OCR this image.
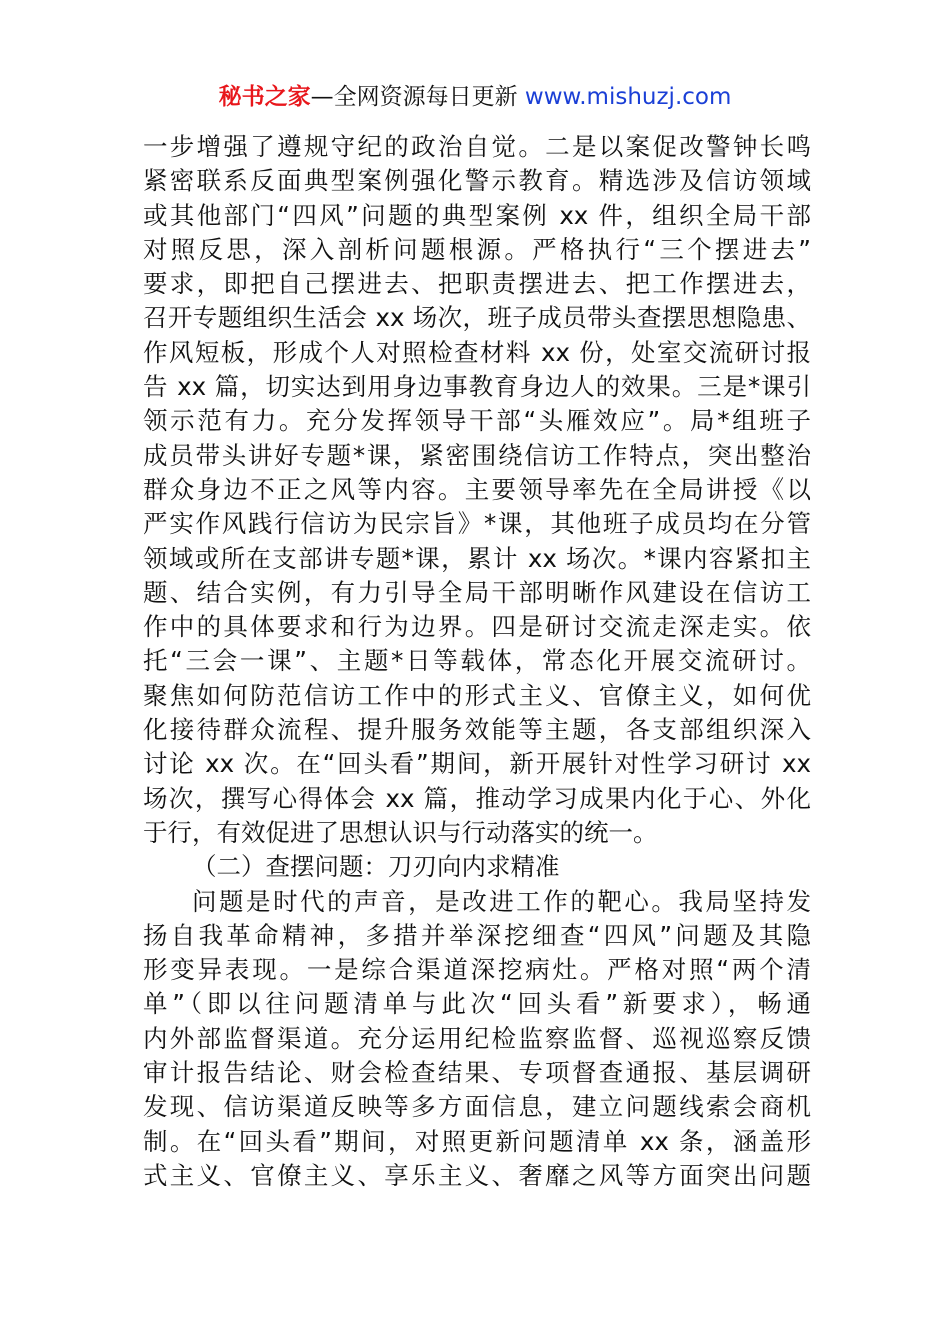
秘书之家—全网资源每日更新 www.mishuzj.com
一步增强了遵规守纪的政治自觉。二是以案促改警钟长鸣
紧密联系反面典型案例强化警示教育。精选涉及信访领域
或其他部门“四风”问题的典型案例 xx 件，组织全局干部
对照反思，深入剖析问题根源。严格执行“三个摆进去”
要求，即把自己摆进去、把职责摆进去、把工作摆进去，
召开专题组织生活会 xx 场次，班子成员带头查摆思想隐患、
作风短板，形成个人对照检查材料 xx 份，处室交流研讨报
告 xx 篇，切实达到用身边事教育身边人的效果。三是*课引
领示范有力。充分发挥领导干部“头雁效应”。局*组班子
成员带头讲好专题*课，紧密围绕信访工作特点，突出整治
群众身边不正之风等内容。主要领导率先在全局讲授《以
严实作风践行信访为民宗旨》*课，其他班子成员均在分管
领域或所在支部讲专题*课，累计 xx 场次。*课内容紧扣主
题、结合实例，有力引导全局干部明晰作风建设在信访工
作中的具体要求和行为边界。四是研讨交流走深走实。依
托“三会一课”、主题*日等载体，常态化开展交流研讨。
聚焦如何防范信访工作中的形式主义、官僚主义，如何优
化接待群众流程、提升服务效能等主题，各支部组织深入
讨论 xx 次。在“回头看”期间，新开展针对性学习研讨 xx
场次，撰写心得体会 xx 篇，推动学习成果内化于心、外化
于行，有效促进了思想认识与行动落实的统一。
（二）查摆问题：刀刃向内求精准
问题是时代的声音，是改进工作的靶心。我局坚持发
扬自我革命精神，多措并举深挖细查“四风”问题及其隐
形变异表现。一是综合渠道深挖病灶。严格对照“两个清
单”（即以往问题清单与此次“回头看”新要求），畅通
内外部监督渠道。充分运用纪检监察监督、巡视巡察反馈
审计报告结论、财会检查结果、专项督查通报、基层调研
发现、信访渠道反映等多方面信息，建立问题线索会商机
制。在“回头看”期间，对照更新问题清单 xx 条，涵盖形
式主义、官僚主义、享乐主义、奢靡之风等方面突出问题
